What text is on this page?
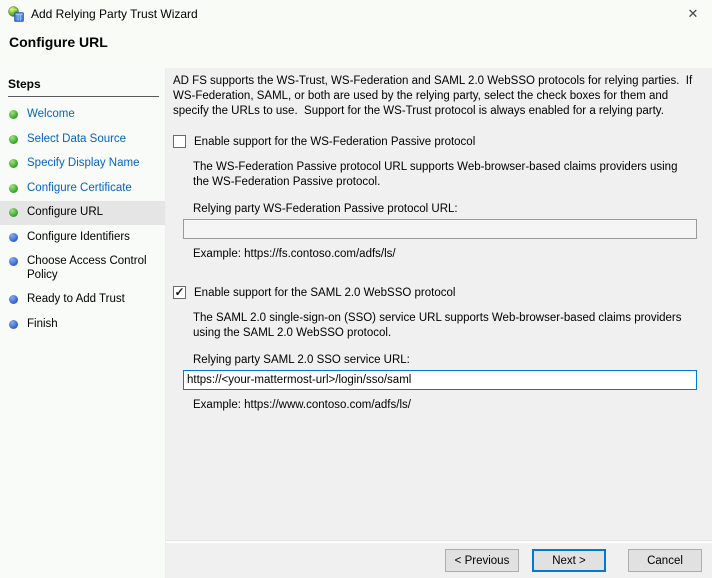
Add Relying Party Trust Wizard	✕
Configure URL
Steps
Welcome
Select Data Source
Specify Display Name
Configure Certificate
Configure URL
Configure Identifiers
Choose Access Control Policy
Ready to Add Trust
Finish

AD FS supports the WS-Trust, WS-Federation and SAML 2.0 WebSSO protocols for relying parties.  If WS-Federation, SAML, or both are used by the relying party, select the check boxes for them and specify the URLs to use.  Support for the WS-Trust protocol is always enabled for a relying party.

Enable support for the WS-Federation Passive protocol

The WS-Federation Passive protocol URL supports Web-browser-based claims providers using the WS-Federation Passive protocol.

Relying party WS-Federation Passive protocol URL:
Example: https://fs.contoso.com/adfs/ls/
✓
Enable support for the SAML 2.0 WebSSO protocol

The SAML 2.0 single-sign-on (SSO) service URL supports Web-browser-based claims providers using the SAML 2.0 WebSSO protocol.

Relying party SAML 2.0 SSO service URL:
https://<your-mattermost-url>/login/sso/saml
Example: https://www.contoso.com/adfs/ls/
< Previous	Next >	Cancel
